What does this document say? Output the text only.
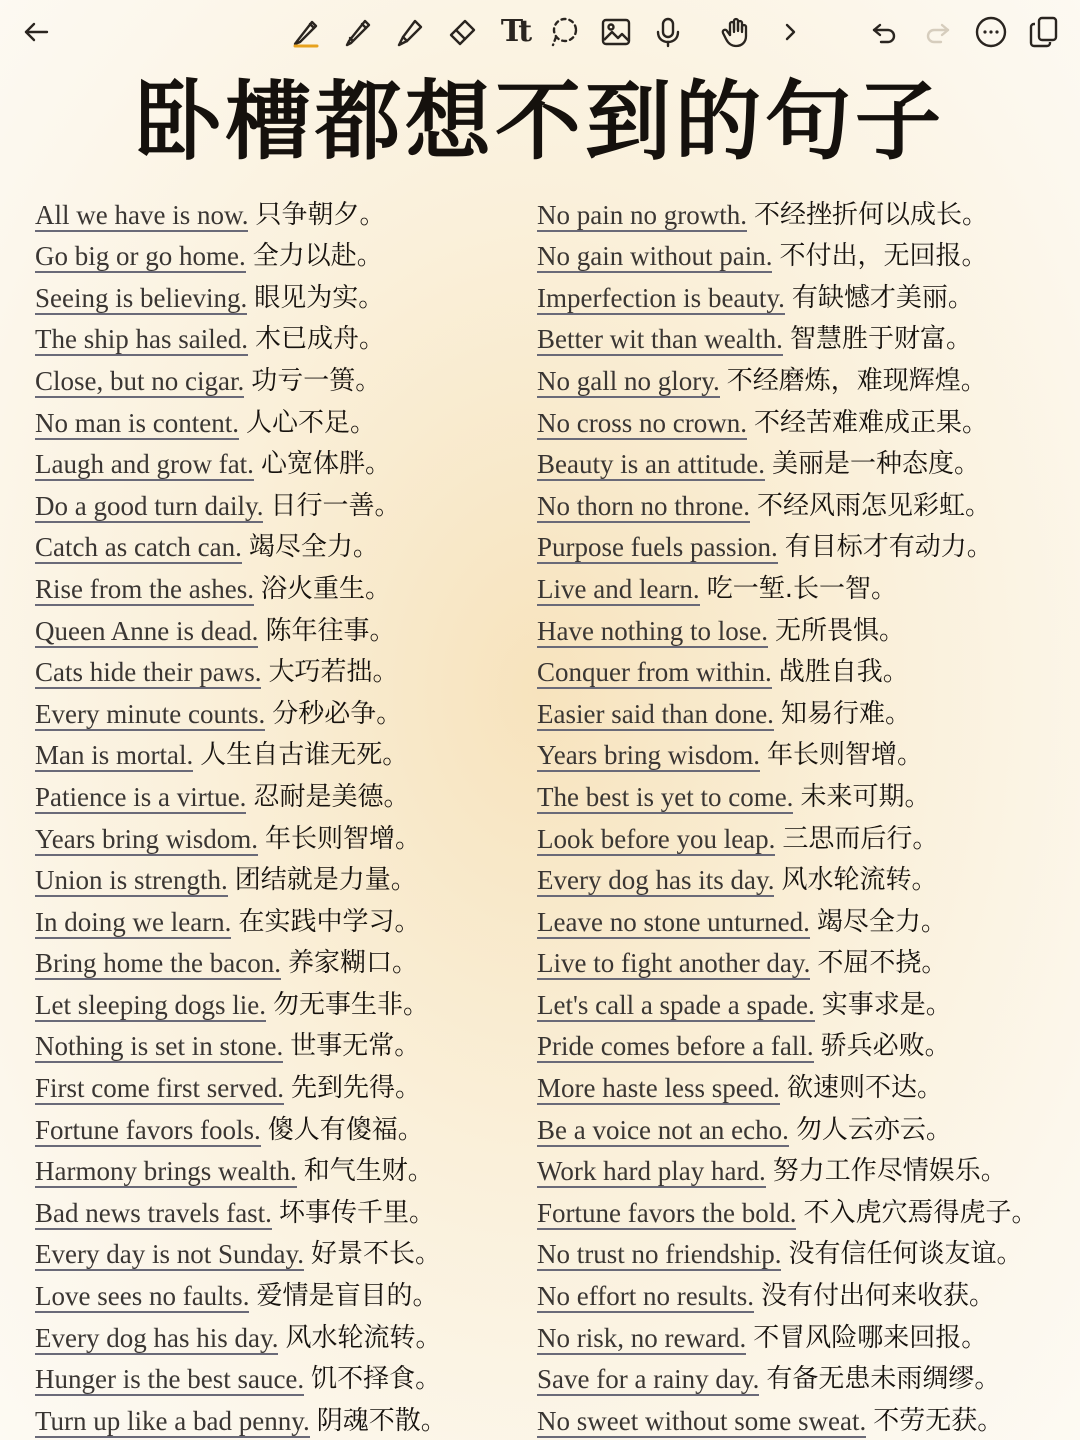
Tt
卧槽都想不到的句子
All we have is now. 只争朝夕。
Go big or go home. 全力以赴。
Seeing is believing. 眼见为实。
The ship has sailed. 木已成舟。
Close, but no cigar. 功亏一篑。
No man is content. 人心不足。
Laugh and grow fat. 心宽体胖。
Do a good turn daily. 日行一善。
Catch as catch can. 竭尽全力。
Rise from the ashes. 浴火重生。
Queen Anne is dead. 陈年往事。
Cats hide their paws. 大巧若拙。
Every minute counts. 分秒必争。
Man is mortal. 人生自古谁无死。
Patience is a virtue. 忍耐是美德。
Years bring wisdom. 年长则智增。
Union is strength. 团结就是力量。
In doing we learn. 在实践中学习。
Bring home the bacon. 养家糊口。
Let sleeping dogs lie. 勿无事生非。
Nothing is set in stone. 世事无常。
First come first served. 先到先得。
Fortune favors fools. 傻人有傻福。
Harmony brings wealth. 和气生财。
Bad news travels fast. 坏事传千里。
Every day is not Sunday. 好景不长。
Love sees no faults. 爱情是盲目的。
Every dog has his day. 风水轮流转。
Hunger is the best sauce. 饥不择食。
Turn up like a bad penny. 阴魂不散。
No pain no growth. 不经挫折何以成长。
No gain without pain. 不付出，无回报。
Imperfection is beauty. 有缺憾才美丽。
Better wit than wealth. 智慧胜于财富。
No gall no glory. 不经磨炼，难现辉煌。
No cross no crown. 不经苦难难成正果。
Beauty is an attitude. 美丽是一种态度。
No thorn no throne. 不经风雨怎见彩虹。
Purpose fuels passion. 有目标才有动力。
Live and learn. 吃一堑.长一智。
Have nothing to lose. 无所畏惧。
Conquer from within. 战胜自我。
Easier said than done. 知易行难。
Years bring wisdom. 年长则智增。
The best is yet to come. 未来可期。
Look before you leap. 三思而后行。
Every dog has its day. 风水轮流转。
Leave no stone unturned. 竭尽全力。
Live to fight another day. 不屈不挠。
Let's call a spade a spade. 实事求是。
Pride comes before a fall. 骄兵必败。
More haste less speed. 欲速则不达。
Be a voice not an echo. 勿人云亦云。
Work hard play hard. 努力工作尽情娱乐。
Fortune favors the bold. 不入虎穴焉得虎子。
No trust no friendship. 没有信任何谈友谊。
No effort no results. 没有付出何来收获。
No risk, no reward. 不冒风险哪来回报。
Save for a rainy day. 有备无患未雨绸缪。
No sweet without some sweat. 不劳无获。
